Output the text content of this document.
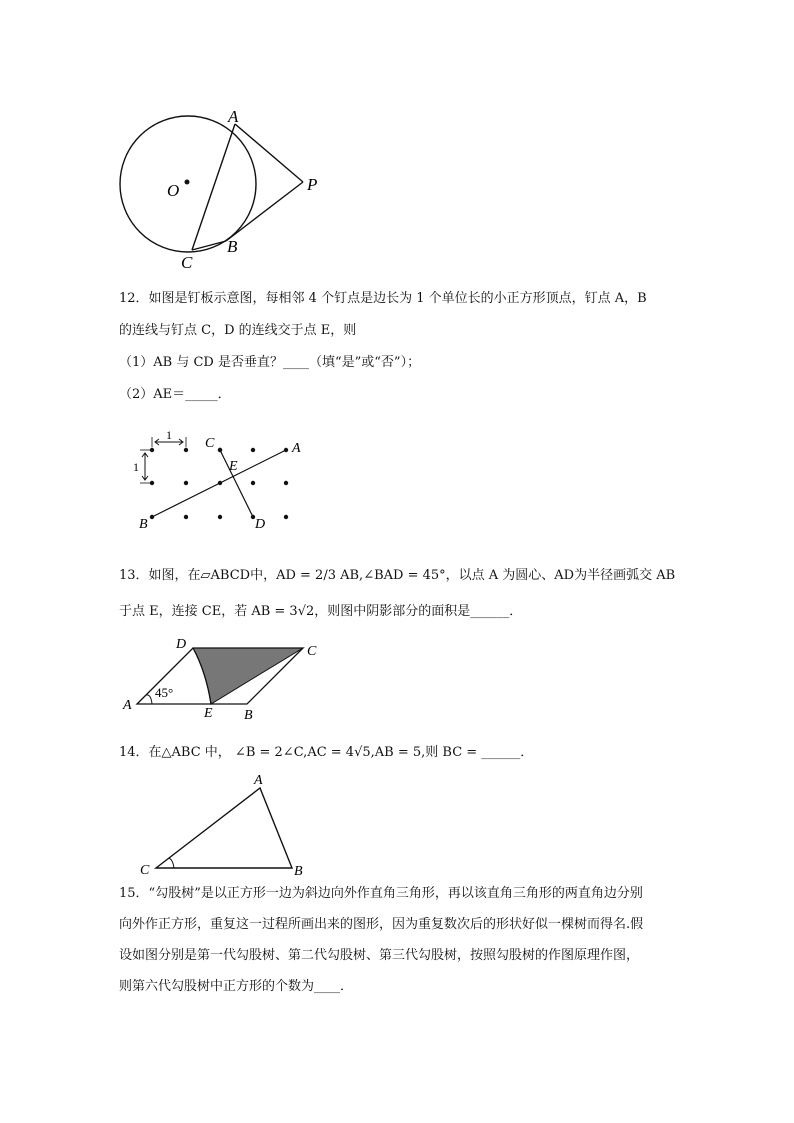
A
O	P
B
C
12．如图是钉板示意图，每相邻 4 个钉点是边长为 1 个单位长的小正方形顶点，钉点 A，B
的连线与钉点 C，D 的连线交于点 E，则
（1）AB 与 CD 是否垂直？____（填“是”或“否”）；
（2）AE＝_____．
1
1
C	A
E
B	D
13．如图，在▱ABCD中，AD = 2/3 AB,∠BAD = 45°，以点 A 为圆心、AD为半径画弧交 AB
于点 E，连接 CE，若 AB = 3√2，则图中阴影部分的面积是______．
D	C
A
45°
E B
14．在△ABC 中， ∠B = 2∠C,AC = 4√5,AB = 5,则 BC = ______．
A
C	B
15．“勾股树”是以正方形一边为斜边向外作直角三角形，再以该直角三角形的两直角边分别
向外作正方形，重复这一过程所画出来的图形，因为重复数次后的形状好似一棵树而得名.假
设如图分别是第一代勾股树、第二代勾股树、第三代勾股树，按照勾股树的作图原理作图，
则第六代勾股树中正方形的个数为____．
